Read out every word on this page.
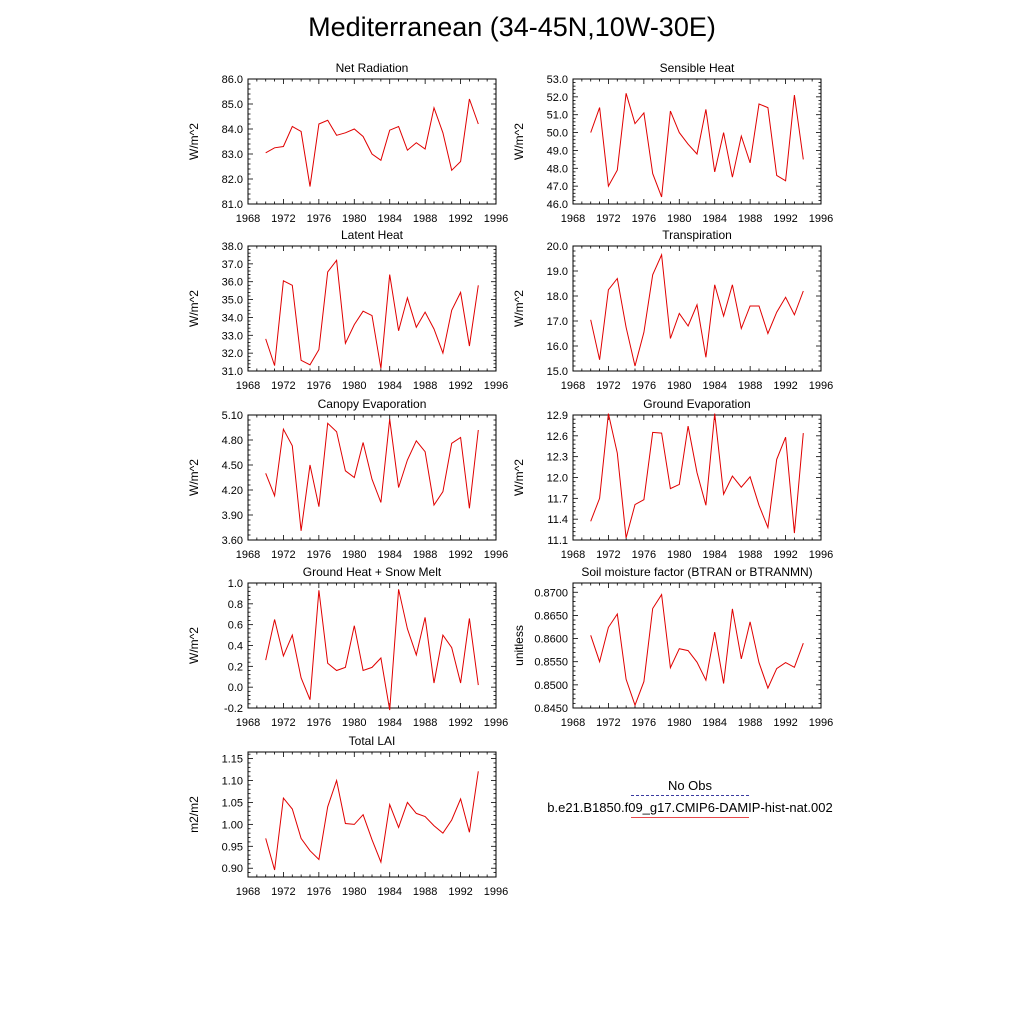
Mediterranean (34-45N,10W-30E)
Net Radiation
W/m^2
1968 1972 1976 1980 1984 1988 1992 1996
81.0
82.0
83.0
84.0
85.0
86.0
Sensible Heat
W/m^2
1968 1972 1976 1980 1984 1988 1992 1996
46.0
47.0
48.0
49.0
50.0
51.0
52.0
53.0
Latent Heat
W/m^2
1968 1972 1976 1980 1984 1988 1992 1996
31.0
32.0
33.0
34.0
35.0
36.0
37.0
38.0
Transpiration
W/m^2
1968 1972 1976 1980 1984 1988 1992 1996
15.0
16.0
17.0
18.0
19.0
20.0
Canopy Evaporation
W/m^2
1968 1972 1976 1980 1984 1988 1992 1996
3.60
3.90
4.20
4.50
4.80
5.10
Ground Evaporation
W/m^2
1968 1972 1976 1980 1984 1988 1992 1996
11.1
11.4
11.7
12.0
12.3
12.6
12.9
Ground Heat + Snow Melt
W/m^2
1968 1972 1976 1980 1984 1988 1992 1996
-0.2
0.0
0.2
0.4
0.6
0.8
1.0
Soil moisture factor (BTRAN or BTRANMN)
unitless
1968 1972 1976 1980 1984 1988 1992 1996
0.8450
0.8500
0.8550
0.8600
0.8650
0.8700
Total LAI
m2/m2
1968 1972 1976 1980 1984 1988 1992 1996
0.90
0.95
1.00
1.05
1.10
1.15
No Obs
b.e21.B1850.f09_g17.CMIP6-DAMIP-hist-nat.002
